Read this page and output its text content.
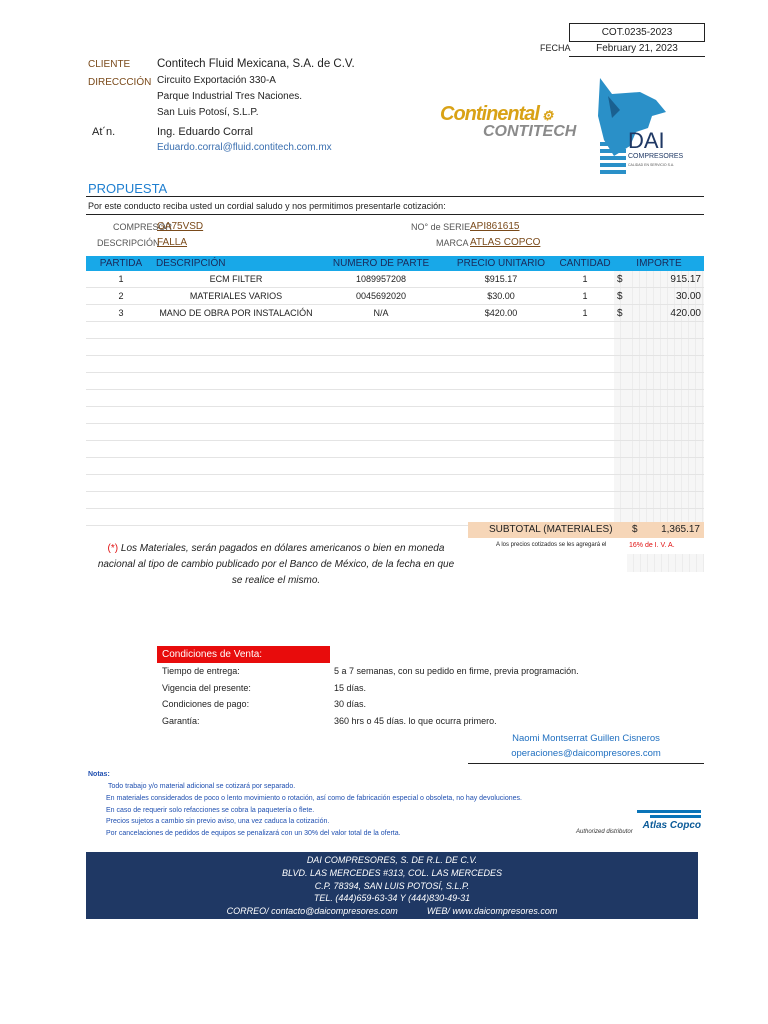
COT.0235-2023
FECHA	February 21, 2023
CLIENTE Contitech Fluid Mexicana, S.A. de C.V.
DIRECCCIÓN Circuito Exportación 330-A
Parque Industrial Tres Naciones.
San Luis Potosí, S.L.P.
At´n.	Ing. Eduardo Corral
Eduardo.corral@fluid.contitech.com.mx
Continental ⚙
CONTITECH DAI
COMPRESORES
CALIDAD EN SERVICIO S.A.
PROPUESTA
Por este conducto reciba usted un cordial saludo y nos permitimos presentarle cotización:
COMPRESOR
GA75VSD	NO° de SERIE API861615
DESCRIPCIÓN
FALLA	MARCA ATLAS COPCO
PARTIDA	DESCRIPCIÓN	NUMERO DE PARTE	PRECIO UNITARIO	CANTIDAD	IMPORTE	
1	ECM FILTER	1089957208	$915.17	1	$	915.17
2	MATERIALES VARIOS	0045692020	$30.00	1	$	30.00
3	MANO DE OBRA POR INSTALACIÓN	N/A	$420.00	1	$	420.00

SUBTOTAL (MATERIALES) $	1,365.17
A los precios cotizados se les agregará el	16% de I. V. A.
(*) Los Materiales, serán pagados en dólares americanos o bien en moneda
nacional al tipo de cambio publicado por el Banco de México, de la fecha en que
se realice el mismo.
Condiciones de Venta:
Tiempo de entrega:	5 a 7 semanas, con su pedido en firme, previa programación.
Vigencia del presente:	15 días.
Condiciones de pago:	30 días.
Garantía:	360 hrs o 45 días. lo que ocurra primero.
Naomi Montserrat Guillen Cisneros
operaciones@daicompresores.com
Notas:
Todo trabajo y/o material adicional se cotizará por separado.
En materiales considerados de poco o lento movimiento o rotación, así como de fabricación especial o obsoleta, no hay devoluciones.
En caso de requerir solo refacciones se cobra la paquetería o flete.
Precios sujetos a cambio sin previo aviso, una vez caduca la cotización.
Por cancelaciones de pedidos de equipos se penalizará con un 30% del valor total de la oferta.
Atlas Copco
Authorized distributor
DAI COMPRESORES, S. DE R.L. DE C.V.
BLVD. LAS MERCEDES #313, COL. LAS MERCEDES
C.P. 78394, SAN LUIS POTOSÍ, S.L.P.
TEL. (444)659-63-34 Y (444)830-49-31
CORREO/ contacto@daicompresores.com	WEB/ www.daicompresores.com
